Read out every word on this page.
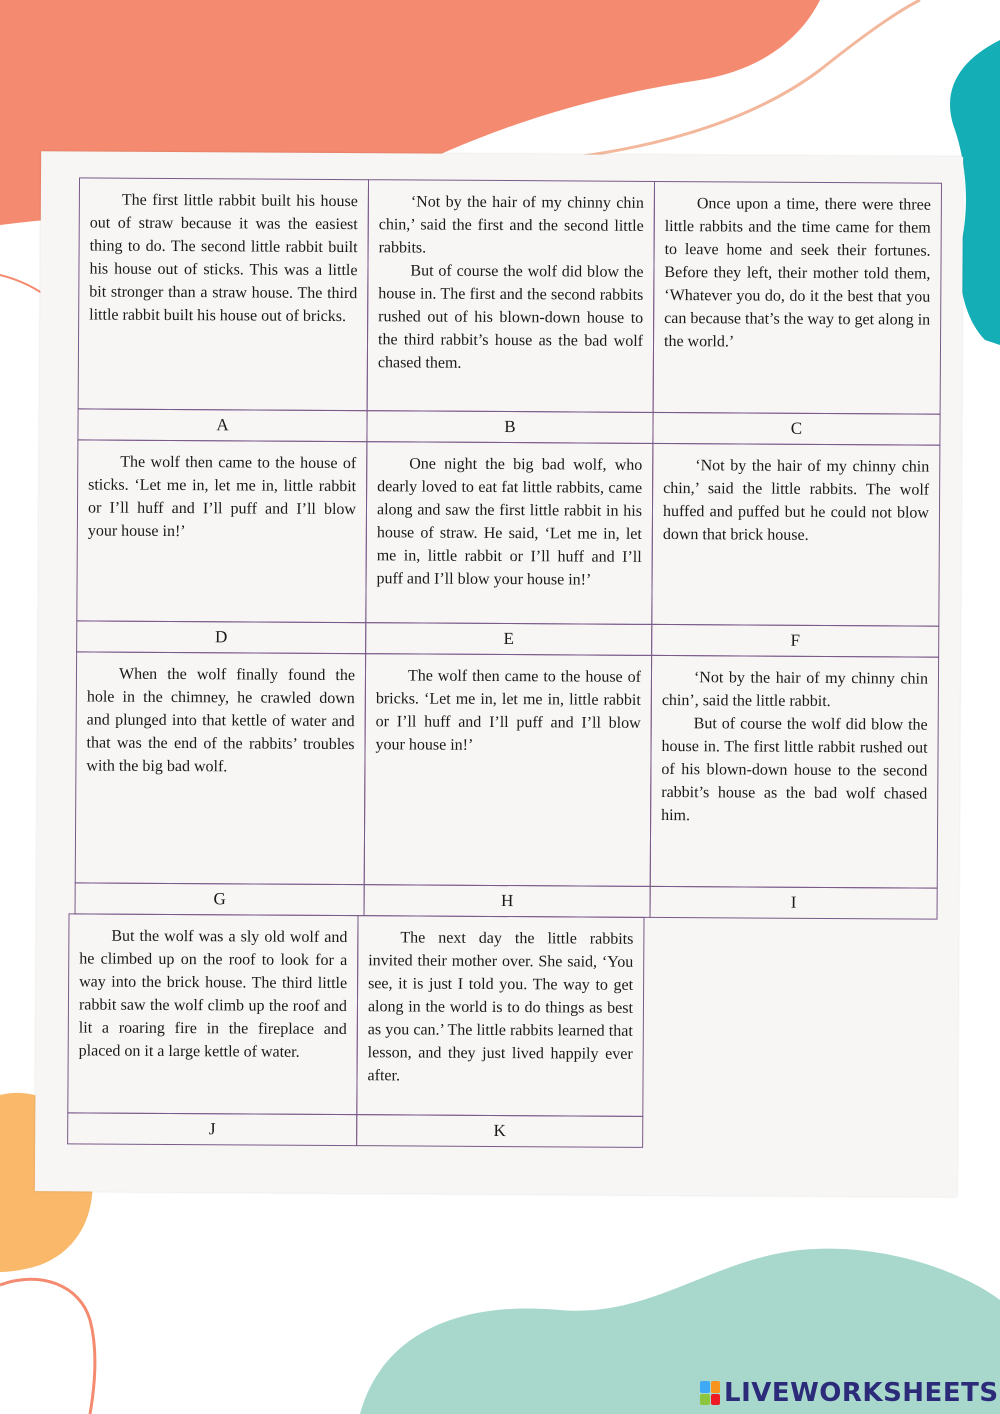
The first little rabbit built his house out of straw because it was the easiest thing to do. The second little rabbit built his house out of sticks. This was a little bit stronger than a straw house. The third little rabbit built his house out of bricks.

A

‘Not by the hair of my chinny chin chin,’ said the first and the second little rabbits.

But of course the wolf did blow the house in. The first and the second rabbits rushed out of his blown-down house to the third rabbit’s house as the bad wolf chased them.

B

Once upon a time, there were three little rabbits and the time came for them to leave home and seek their fortunes. Before they left, their mother told them, ‘Whatever you do, do it the best that you can because that’s the way to get along in the world.’

C

The wolf then came to the house of sticks. ‘Let me in, let me in, little rabbit or I’ll huff and I’ll puff and I’ll blow your house in!’

D

One night the big bad wolf, who dearly loved to eat fat little rabbits, came along and saw the first little rabbit in his house of straw. He said, ‘Let me in, let me in, little rabbit or I’ll huff and I’ll puff and I’ll blow your house in!’

E

‘Not by the hair of my chinny chin chin,’ said the little rabbits. The wolf huffed and puffed but he could not blow down that brick house.

F

When the wolf finally found the hole in the chimney, he crawled down and plunged into that kettle of water and that was the end of the rabbits’ troubles with the big bad wolf.

G

The wolf then came to the house of bricks. ‘Let me in, let me in, little rabbit or I’ll huff and I’ll puff and I’ll blow your house in!’

H

‘Not by the hair of my chinny chin chin’, said the little rabbit.

But of course the wolf did blow the house in. The first little rabbit rushed out of his blown-down house to the second rabbit’s house as the bad wolf chased him.

I

But the wolf was a sly old wolf and he climbed up on the roof to look for a way into the brick house. The third little rabbit saw the wolf climb up the roof and lit a roaring fire in the fireplace and placed on it a large kettle of water.

J

The next day the little rabbits invited their mother over. She said, ‘You see, it is just I told you. The way to get along in the world is to do things as best as you can.’ The little rabbits learned that lesson, and they just lived happily ever after.

K
LIVEWORKSHEETS
